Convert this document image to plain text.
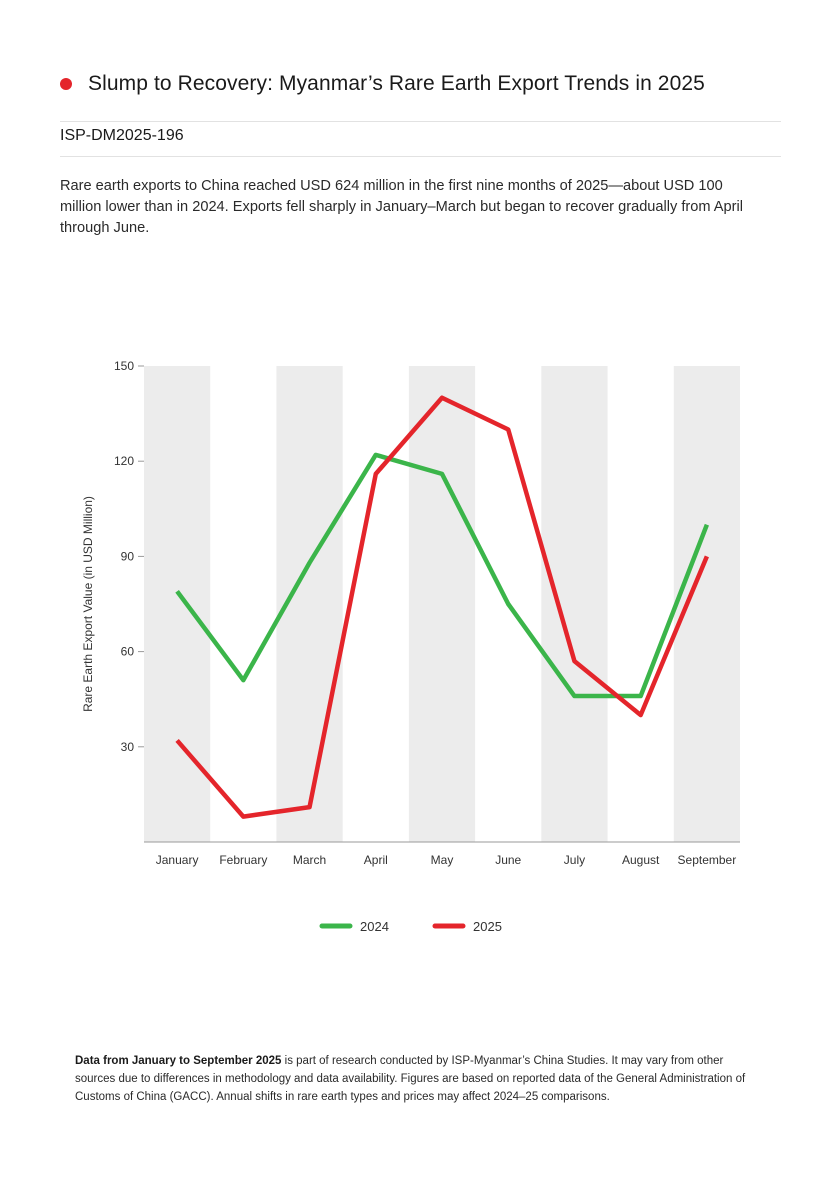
Slump to Recovery: Myanmar’s Rare Earth Export Trends in 2025
ISP-DM2025-196
Rare earth exports to China reached USD 624 million in the first nine months of 2025—about USD 100 million lower than in 2024. Exports fell sharply in January–March but began to recover gradually from April through June.
30
60
90
120
150
January February March	April	May	June	July	August September
Rare Earth Export Value (in USD Million)
2024	2025
Data from January to September 2025 is part of research conducted by ISP-Myanmar’s China Studies. It may vary from other sources due to differences in methodology and data availability. Figures are based on reported data of the General Administration of Customs of China (GACC). Annual shifts in rare earth types and prices may affect 2024–25 comparisons.
